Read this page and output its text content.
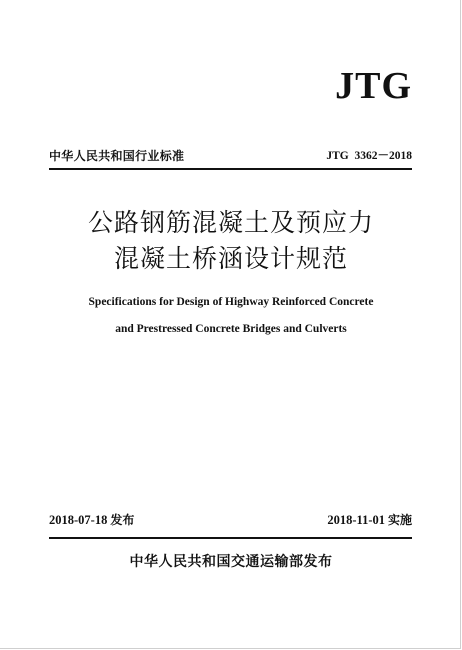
JTG
中华人民共和国行业标准	JTG  3362－2018
公路钢筋混凝土及预应力
混凝土桥涵设计规范
Specifications for Design of Highway Reinforced Concrete
and Prestressed Concrete Bridges and Culverts
2018-07-18 发布	2018-11-01 实施
中华人民共和国交通运输部发布
